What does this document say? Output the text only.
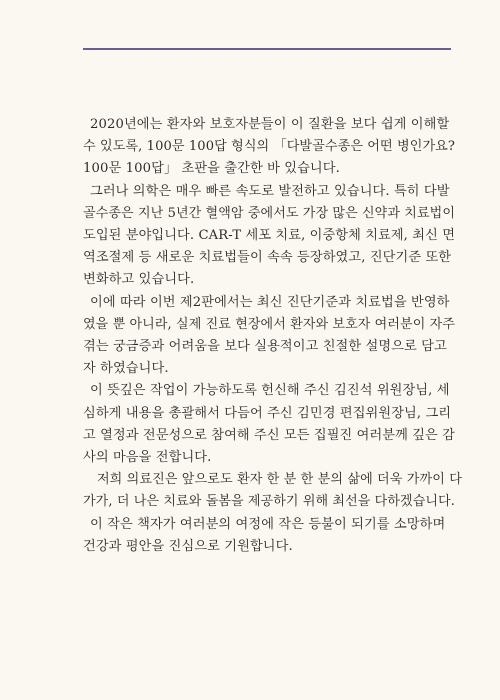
2020년에는 환자와 보호자분들이 이 질환을 보다 쉽게 이해할
수 있도록, 100문 100답 형식의 「다발골수종은 어떤 병인가요?
100문 100답」 초판을 출간한 바 있습니다.

그러나 의학은 매우 빠른 속도로 발전하고 있습니다. 특히 다발
골수종은 지난 5년간 혈액암 중에서도 가장 많은 신약과 치료법이
도입된 분야입니다. CAR-T 세포 치료, 이중항체 치료제, 최신 면
역조절제 등 새로운 치료법들이 속속 등장하였고, 진단기준 또한
변화하고 있습니다.

이에 따라 이번 제2판에서는 최신 진단기준과 치료법을 반영하
였을 뿐 아니라, 실제 진료 현장에서 환자와 보호자 여러분이 자주
겪는 궁금증과 어려움을 보다 실용적이고 친절한 설명으로 담고
자 하였습니다.

이 뜻깊은 작업이 가능하도록 헌신해 주신 김진석 위원장님, 세
심하게 내용을 총괄해서 다듬어 주신 김민경 편집위원장님, 그리
고 열정과 전문성으로 참여해 주신 모든 집필진 여러분께 깊은 감
사의 마음을 전합니다.

저희 의료진은 앞으로도 환자 한 분 한 분의 삶에 더욱 가까이 다
가가, 더 나은 치료와 돌봄을 제공하기 위해 최선을 다하겠습니다.

이 작은 책자가 여러분의 여정에 작은 등불이 되기를 소망하며
건강과 평안을 진심으로 기원합니다.
